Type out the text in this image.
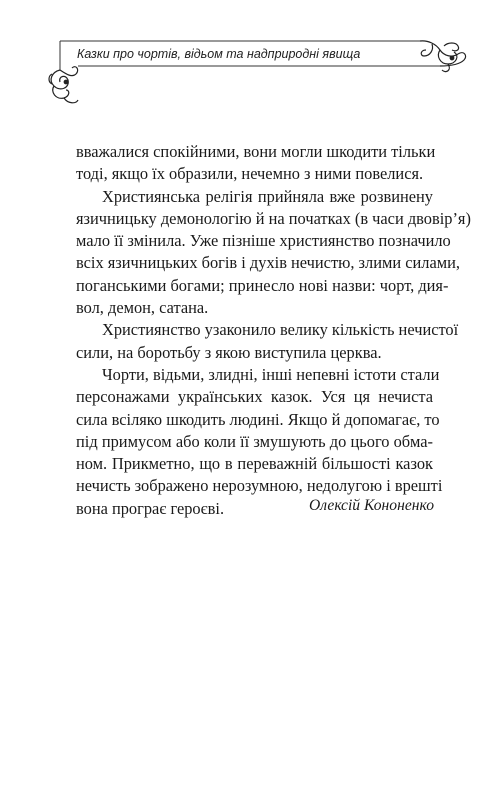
Казки про чортів, відьом та надприродні явища

вважалися спокійними, вони могли шкодити тільки
тоді, якщо їх образили, нечемно з ними повелися.

Християнська релігія прийняла вже розвинену
язичницьку демонологію й на початках (в часи двовір’я)
мало її змінила. Уже пізніше християнство позначило
всіх язичницьких богів і духів нечистю, злими силами,
поганськими богами; принесло нові назви: чорт, дия-
вол, демон, сатана.

Християнство узаконило велику кількість нечистої
сили, на боротьбу з якою виступила церква.

Чорти, відьми, злидні, інші непевні істоти стали
персонажами українських казок. Уся ця нечиста
сила всіляко шкодить людині. Якщо й допомагає, то
під примусом або коли її змушують до цього обма-
ном. Прикметно, що в переважній більшості казок
нечисть зображено нерозумною, недолугою і врешті
вона програє героєві.	Олексій Кононенко
